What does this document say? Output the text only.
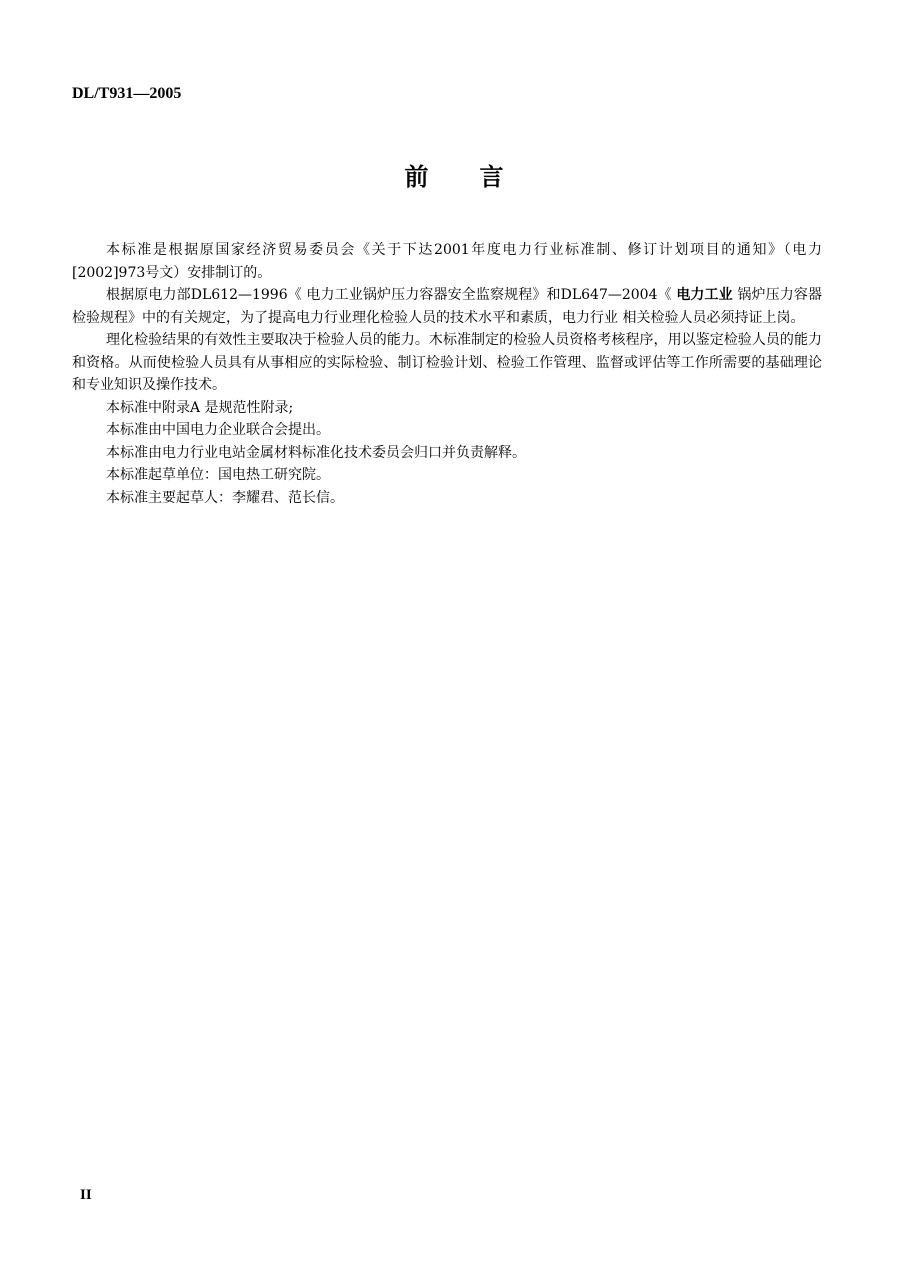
DL/T931—2005
前 言

本标准是根据原国家经济贸易委员会《关于下达2001年度电力行业标准制、修订计划项目的通知》（电力[2002]973号文）安排制订的。

根据原电力部DL612—1996《 电力工业锅炉压力容器安全监察规程》和DL647—2004《 电力工业 锅炉压力容器检验规程》中的有关规定，为了提高电力行业理化检验人员的技术水平和素质，电力行业 相关检验人员必须持证上岗。

理化检验结果的有效性主要取决于检验人员的能力。木标准制定的检验人员资格考核程序，用以鉴定检验人员的能力和资格。从而使检验人员具有从事相应的实际检验、制订检验计划、检验工作管理、监督或评估等工作所需要的基础理论和专业知识及操作技术。

本标准中附录A 是规范性附录;

本标准由中国电力企业联合会提出。

本标准由电力行业电站金属材料标准化技术委员会归口并负责解释。

本标准起草单位：国电热工研究院。

本标准主要起草人：李耀君、范长信。

II
